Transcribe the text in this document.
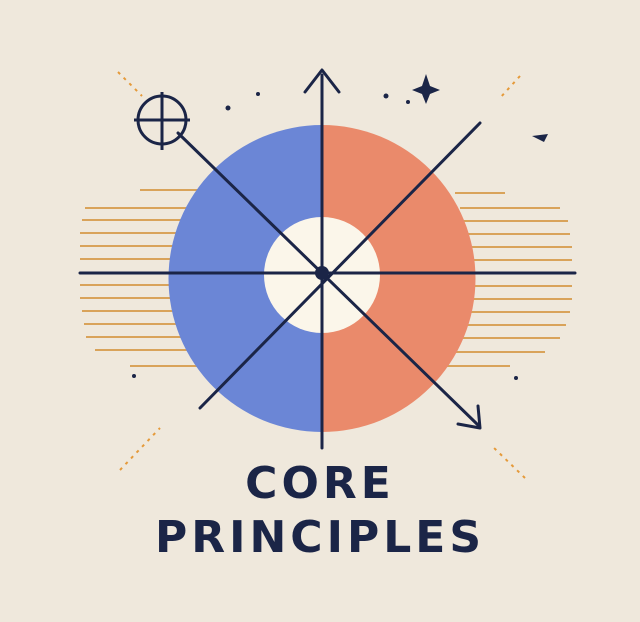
CORE
PRINCIPLES
